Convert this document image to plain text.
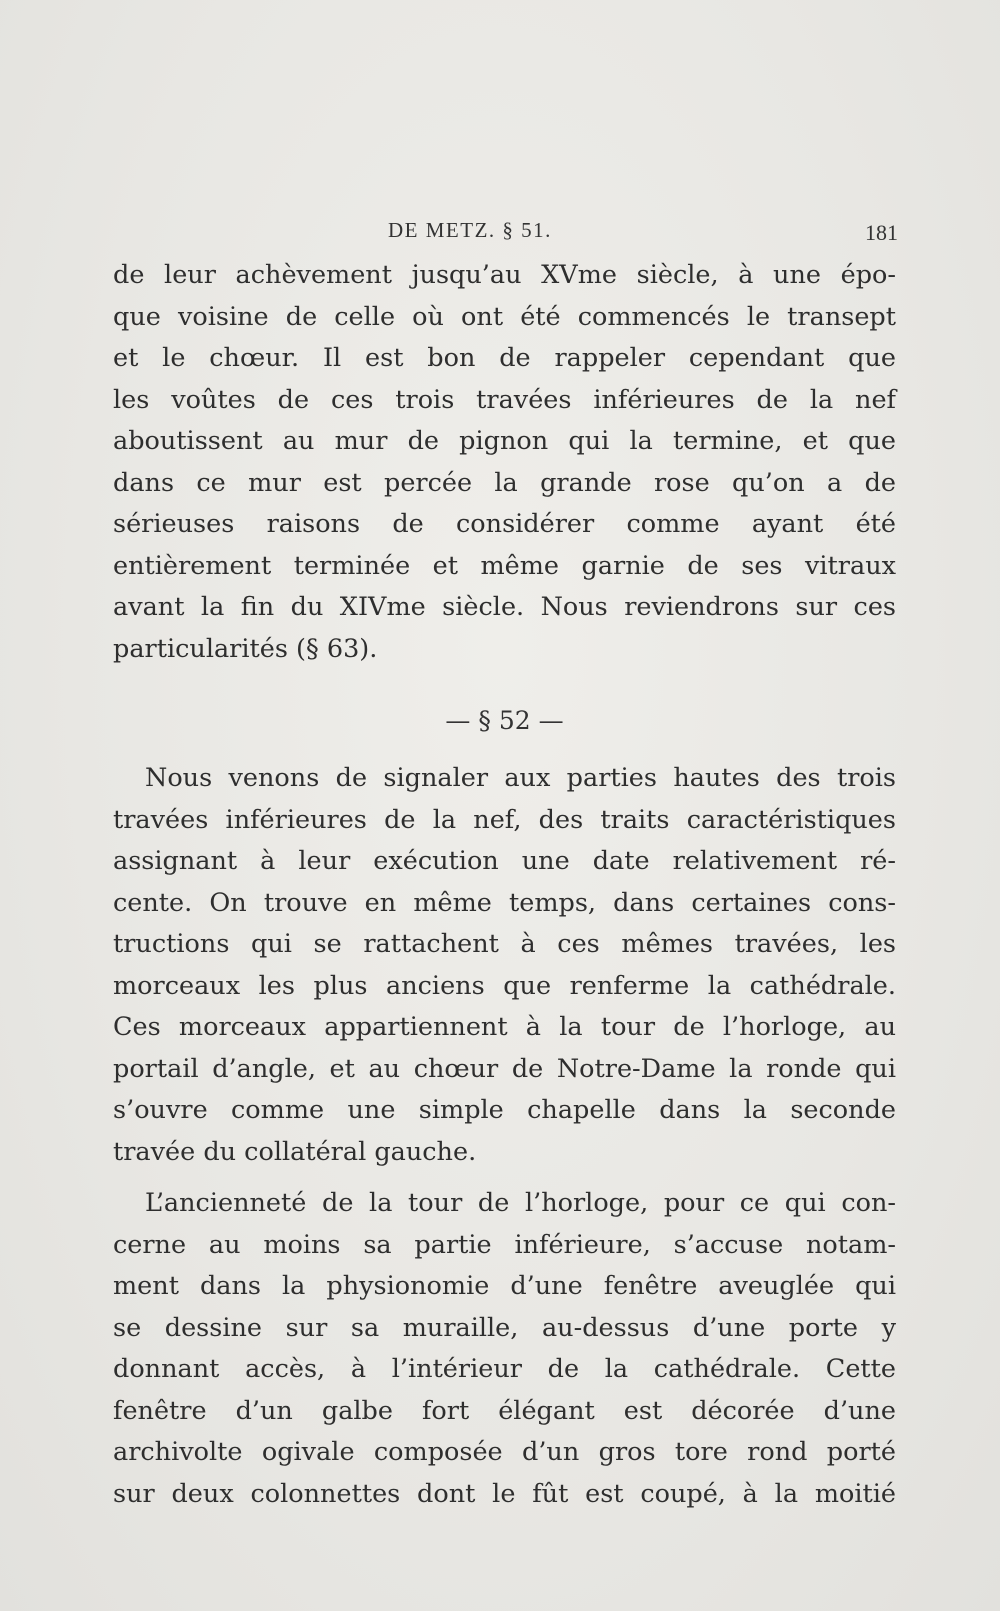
DE METZ. § 51.	181
de leur achèvement jusqu’au XVme siècle, à une épo-
que voisine de celle où ont été commencés le transept
et le chœur. Il est bon de rappeler cependant que
les voûtes de ces trois travées inférieures de la nef
aboutissent au mur de pignon qui la termine, et que
dans ce mur est percée la grande rose qu’on a de
sérieuses raisons de considérer comme ayant été
entièrement terminée et même garnie de ses vitraux
avant la fin du XIVme siècle. Nous reviendrons sur ces
particularités (§ 63).
— § 52 —
Nous venons de signaler aux parties hautes des trois
travées inférieures de la nef, des traits caractéristiques
assignant à leur exécution une date relativement ré-
cente. On trouve en même temps, dans certaines cons-
tructions qui se rattachent à ces mêmes travées, les
morceaux les plus anciens que renferme la cathédrale.
Ces morceaux appartiennent à la tour de l’horloge, au
portail d’angle, et au chœur de Notre-Dame la ronde qui
s’ouvre comme une simple chapelle dans la seconde
travée du collatéral gauche.
L’ancienneté de la tour de l’horloge, pour ce qui con-
cerne au moins sa partie inférieure, s’accuse notam-
ment dans la physionomie d’une fenêtre aveuglée qui
se dessine sur sa muraille, au-dessus d’une porte y
donnant accès, à l’intérieur de la cathédrale. Cette
fenêtre d’un galbe fort élégant est décorée d’une
archivolte ogivale composée d’un gros tore rond porté
sur deux colonnettes dont le fût est coupé, à la moitié
